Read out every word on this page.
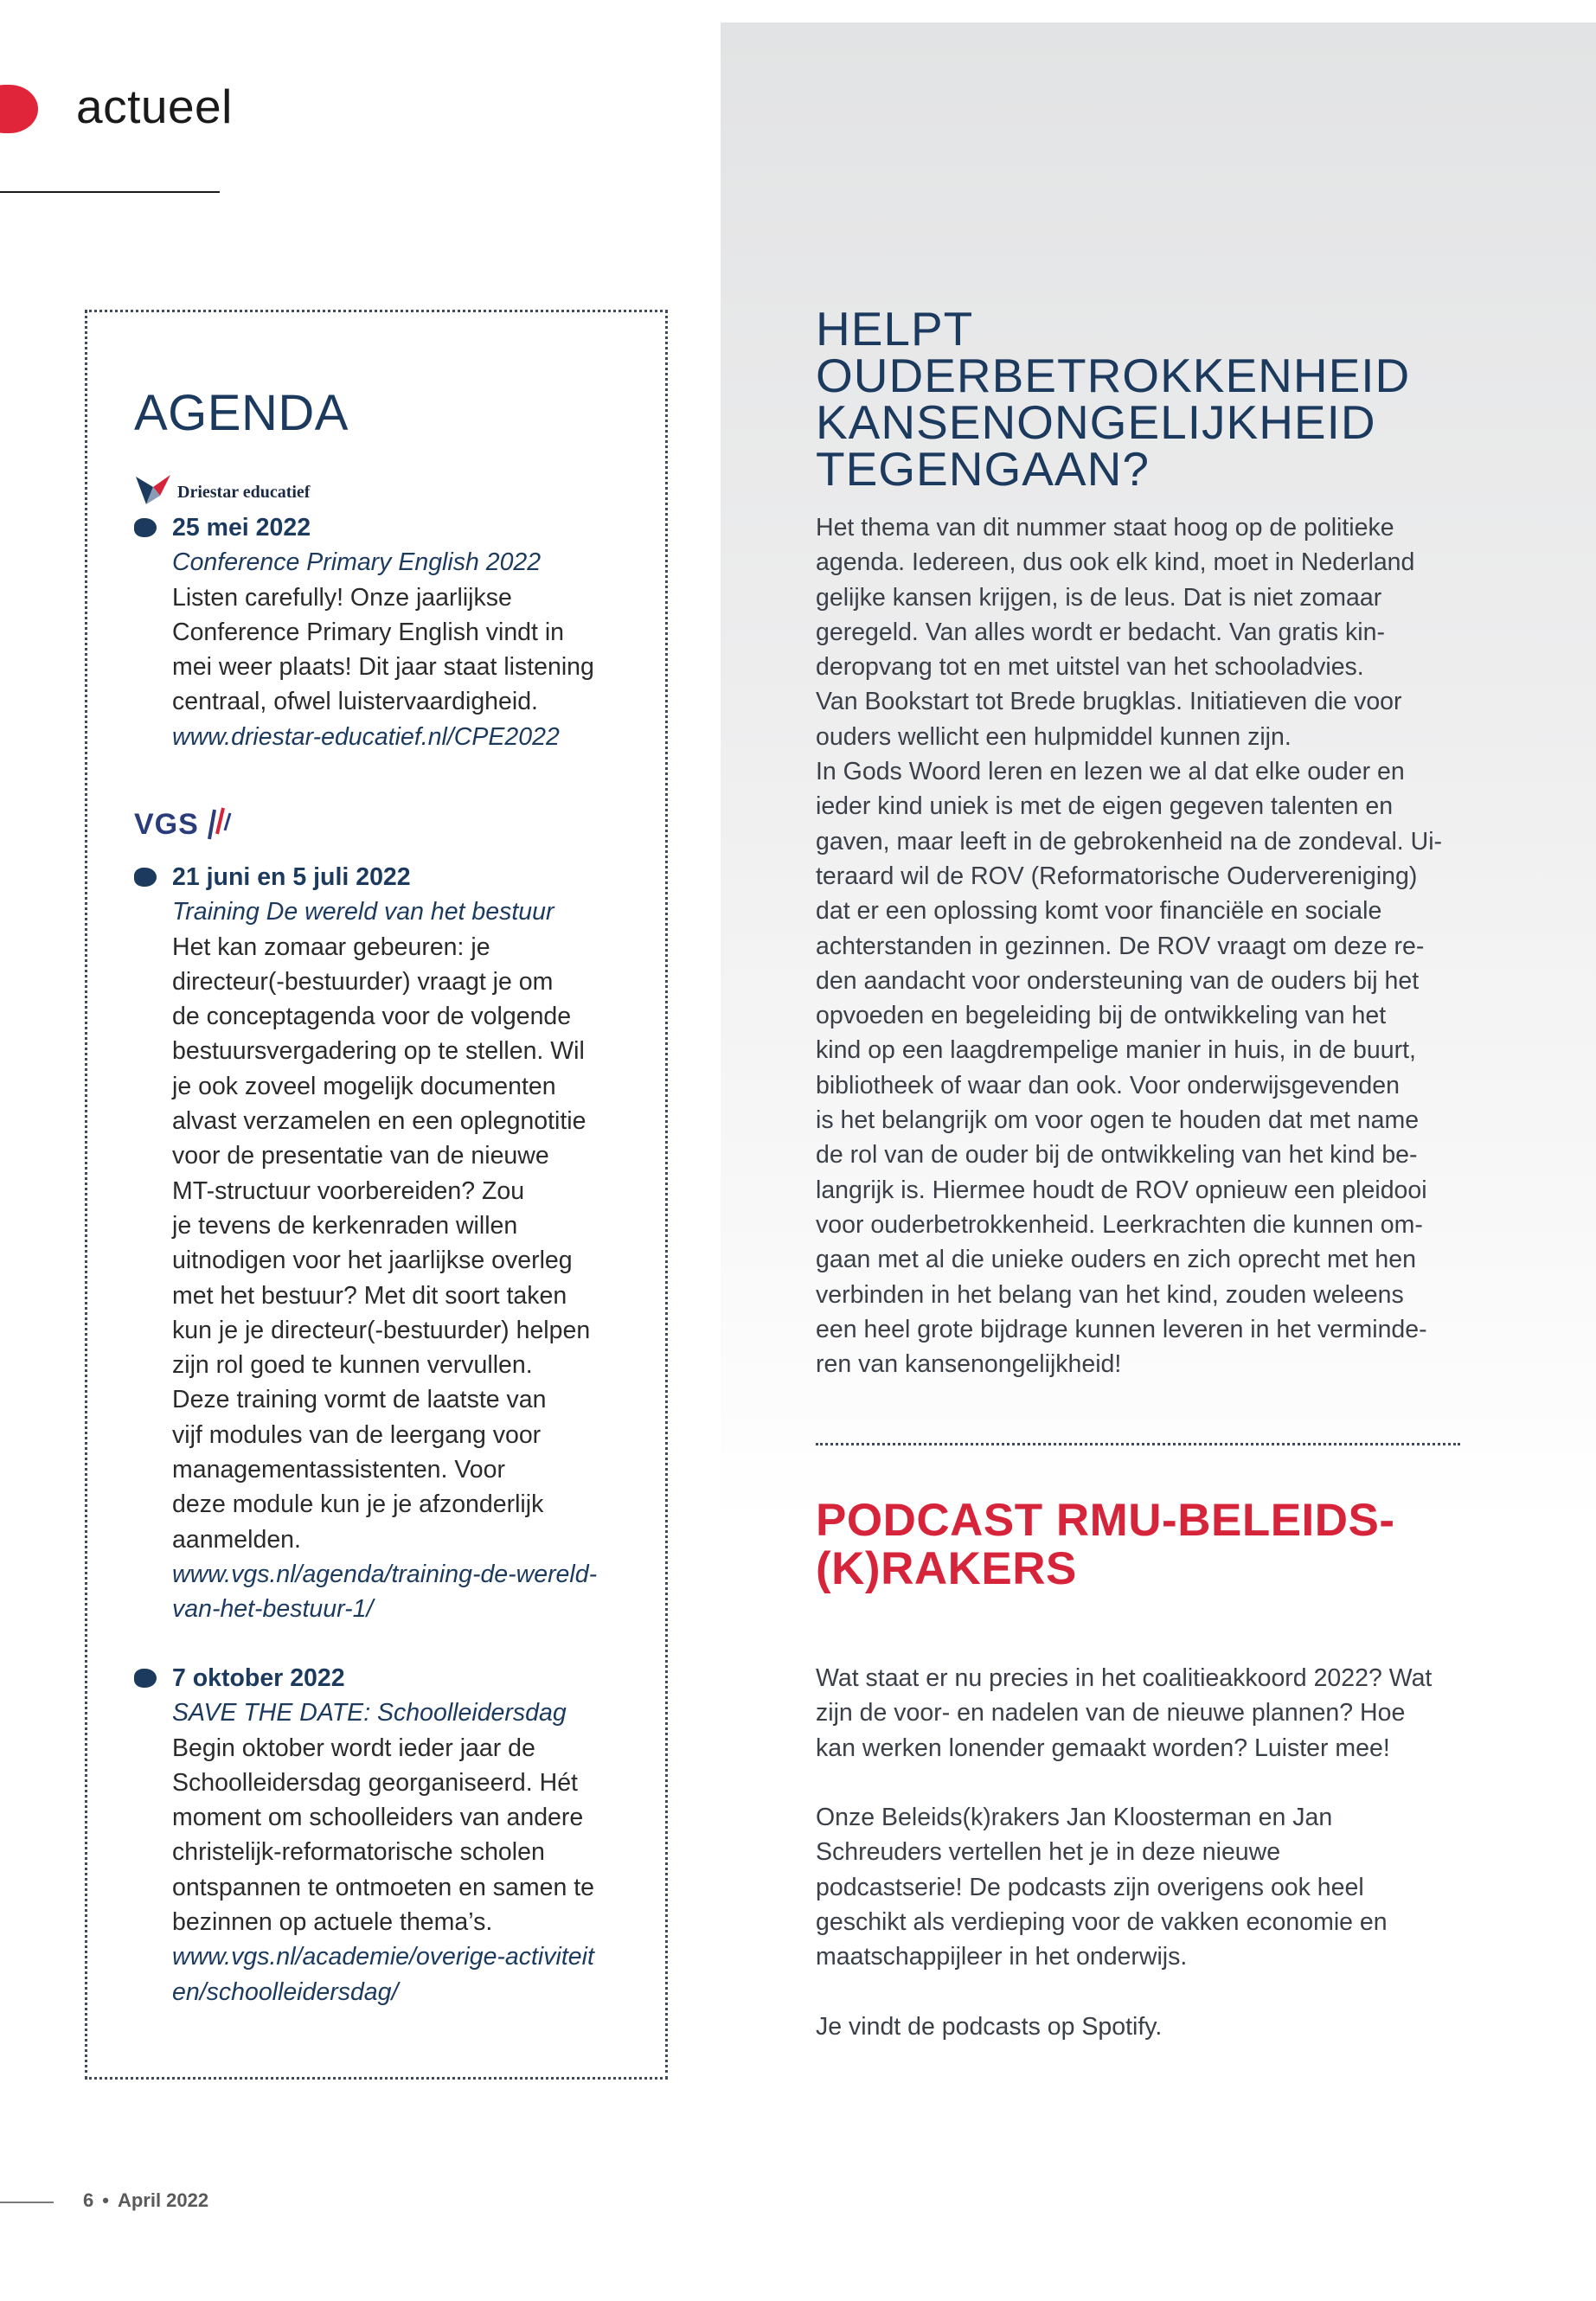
actueel
AGENDA
Driestar educatief
25 mei 2022
Conference Primary English 2022
Listen carefully! Onze jaarlijkse
Conference Primary English vindt in
mei weer plaats! Dit jaar staat listening
centraal, ofwel luistervaardigheid.
www.driestar-educatief.nl/CPE2022
VGS
21 juni en 5 juli 2022
Training De wereld van het bestuur
Het kan zomaar gebeuren: je
directeur(-bestuurder) vraagt je om
de conceptagenda voor de volgende
bestuursvergadering op te stellen. Wil
je ook zoveel mogelijk documenten
alvast verzamelen en een oplegnotitie
voor de presentatie van de nieuwe
MT-structuur voorbereiden? Zou
je tevens de kerkenraden willen
uitnodigen voor het jaarlijkse overleg
met het bestuur? Met dit soort taken
kun je je directeur(-bestuurder) helpen
zijn rol goed te kunnen vervullen.
Deze training vormt de laatste van
vijf modules van de leergang voor
managementassistenten. Voor
deze module kun je je afzonderlijk
aanmelden.
www.vgs.nl/agenda/training-de-wereld-
van-het-bestuur-1/
7 oktober 2022
SAVE THE DATE: Schoolleidersdag
Begin oktober wordt ieder jaar de
Schoolleidersdag georganiseerd. Hét
moment om schoolleiders van andere
christelijk-reformatorische scholen
ontspannen te ontmoeten en samen te
bezinnen op actuele thema’s.
www.vgs.nl/academie/overige-activiteit
en/schoolleidersdag/
HELPT
OUDERBETROKKENHEID
KANSENONGELIJKHEID
TEGENGAAN?
Het thema van dit nummer staat hoog op de politieke
agenda. Iedereen, dus ook elk kind, moet in Nederland
gelijke kansen krijgen, is de leus. Dat is niet zomaar
geregeld. Van alles wordt er bedacht. Van gratis kin-
deropvang tot en met uitstel van het schooladvies.
Van Bookstart tot Brede brugklas. Initiatieven die voor
ouders wellicht een hulpmiddel kunnen zijn.
In Gods Woord leren en lezen we al dat elke ouder en
ieder kind uniek is met de eigen gegeven talenten en
gaven, maar leeft in de gebrokenheid na de zondeval. Ui-
teraard wil de ROV (Reformatorische Oudervereniging)
dat er een oplossing komt voor financiële en sociale
achterstanden in gezinnen. De ROV vraagt om deze re-
den aandacht voor ondersteuning van de ouders bij het
opvoeden en begeleiding bij de ontwikkeling van het
kind op een laagdrempelige manier in huis, in de buurt,
bibliotheek of waar dan ook. Voor onderwijsgevenden
is het belangrijk om voor ogen te houden dat met name
de rol van de ouder bij de ontwikkeling van het kind be-
langrijk is. Hiermee houdt de ROV opnieuw een pleidooi
voor ouderbetrokkenheid. Leerkrachten die kunnen om-
gaan met al die unieke ouders en zich oprecht met hen
verbinden in het belang van het kind, zouden weleens
een heel grote bijdrage kunnen leveren in het verminde-
ren van kansenongelijkheid!
PODCAST RMU-BELEIDS-
(K)RAKERS
Wat staat er nu precies in het coalitieakkoord 2022? Wat
zijn de voor- en nadelen van de nieuwe plannen? Hoe
kan werken lonender gemaakt worden? Luister mee!
Onze Beleids(k)rakers Jan Kloosterman en Jan
Schreuders vertellen het je in deze nieuwe
podcastserie! De podcasts zijn overigens ook heel
geschikt als verdieping voor de vakken economie en
maatschappijleer in het onderwijs.
Je vindt de podcasts op Spotify.
6 • April 2022
